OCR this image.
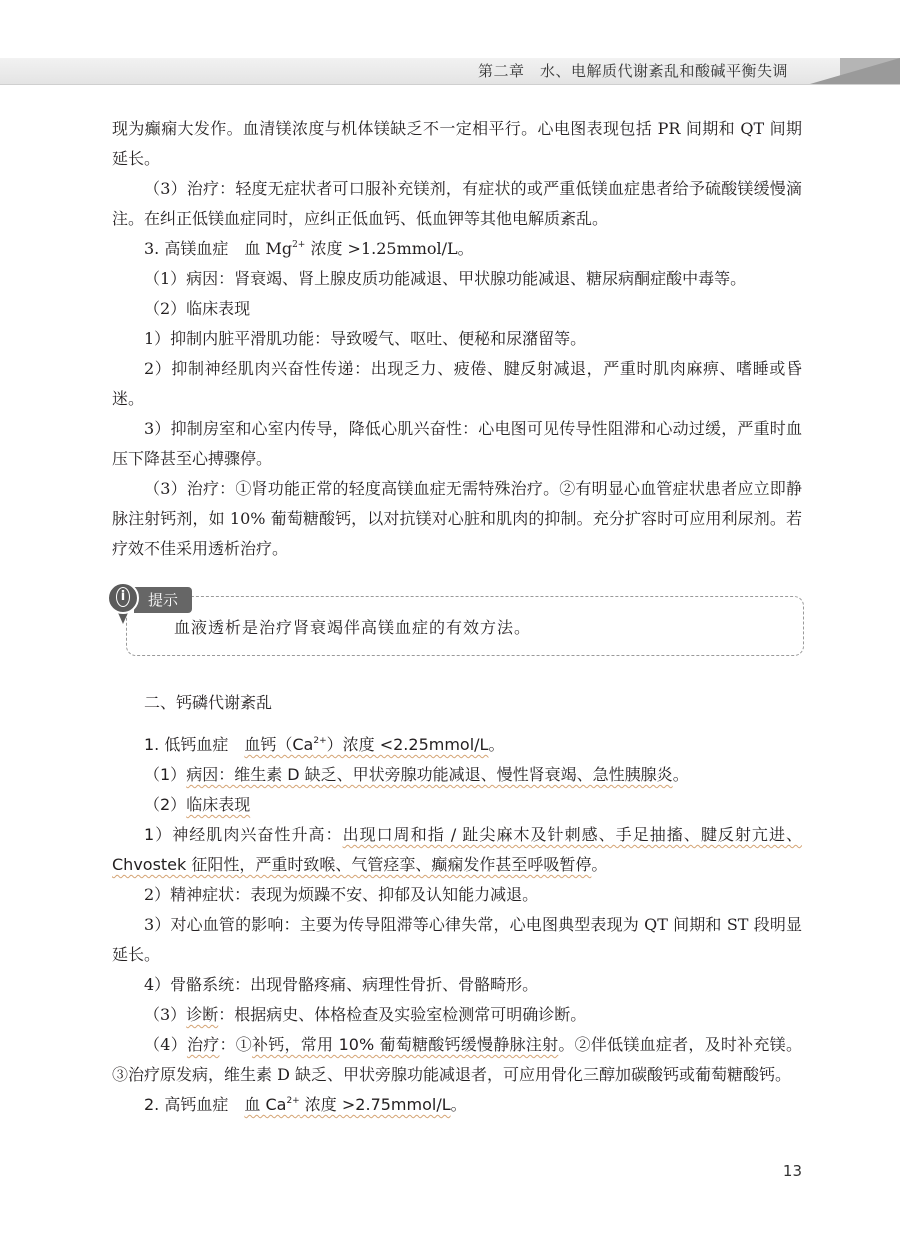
第二章　水、电解质代谢紊乱和酸碱平衡失调

现为癫痫大发作。血清镁浓度与机体镁缺乏不一定相平行。心电图表现包括 PR 间期和 QT 间期延长。

（3）治疗：轻度无症状者可口服补充镁剂，有症状的或严重低镁血症患者给予硫酸镁缓慢滴注。在纠正低镁血症同时，应纠正低血钙、低血钾等其他电解质紊乱。

3. 高镁血症　血 $Mg^{2+}$ 浓度 >1.25mmol/L。

（1）病因：肾衰竭、肾上腺皮质功能减退、甲状腺功能减退、糖尿病酮症酸中毒等。

（2）临床表现

1）抑制内脏平滑肌功能：导致嗳气、呕吐、便秘和尿潴留等。

2）抑制神经肌肉兴奋性传递：出现乏力、疲倦、腱反射减退，严重时肌肉麻痹、嗜睡或昏迷。

3）抑制房室和心室内传导，降低心肌兴奋性：心电图可见传导性阻滞和心动过缓，严重时血压下降甚至心搏骤停。

（3）治疗：①肾功能正常的轻度高镁血症无需特殊治疗。②有明显心血管症状患者应立即静脉注射钙剂，如 10% 葡萄糖酸钙，以对抗镁对心脏和肌肉的抑制。充分扩容时可应用利尿剂。若疗效不佳采用透析治疗。

提示
i
血液透析是治疗肾衰竭伴高镁血症的有效方法。

二、钙磷代谢紊乱

1. 低钙血症　血钙$(Ca^{2+})$浓度 <2.25mmol/L。

（1）病因：维生素 D 缺乏、甲状旁腺功能减退、慢性肾衰竭、急性胰腺炎。

（2）临床表现

1）神经肌肉兴奋性升高：出现口周和指 / 趾尖麻木及针刺感、手足抽搐、腱反射亢进、Chvostek 征阳性，严重时致喉、气管痉挛、癫痫发作甚至呼吸暂停。

2）精神症状：表现为烦躁不安、抑郁及认知能力减退。

3）对心血管的影响：主要为传导阻滞等心律失常，心电图典型表现为 QT 间期和 ST 段明显延长。

4）骨骼系统：出现骨骼疼痛、病理性骨折、骨骼畸形。

（3）诊断：根据病史、体格检查及实验室检测常可明确诊断。

（4）治疗：①补钙，常用 10% 葡萄糖酸钙缓慢静脉注射。②伴低镁血症者，及时补充镁。③治疗原发病，维生素 D 缺乏、甲状旁腺功能减退者，可应用骨化三醇加碳酸钙或葡萄糖酸钙。

2. 高钙血症　血 $Ca^{2+}$ 浓度 >2.75mmol/L。

13
